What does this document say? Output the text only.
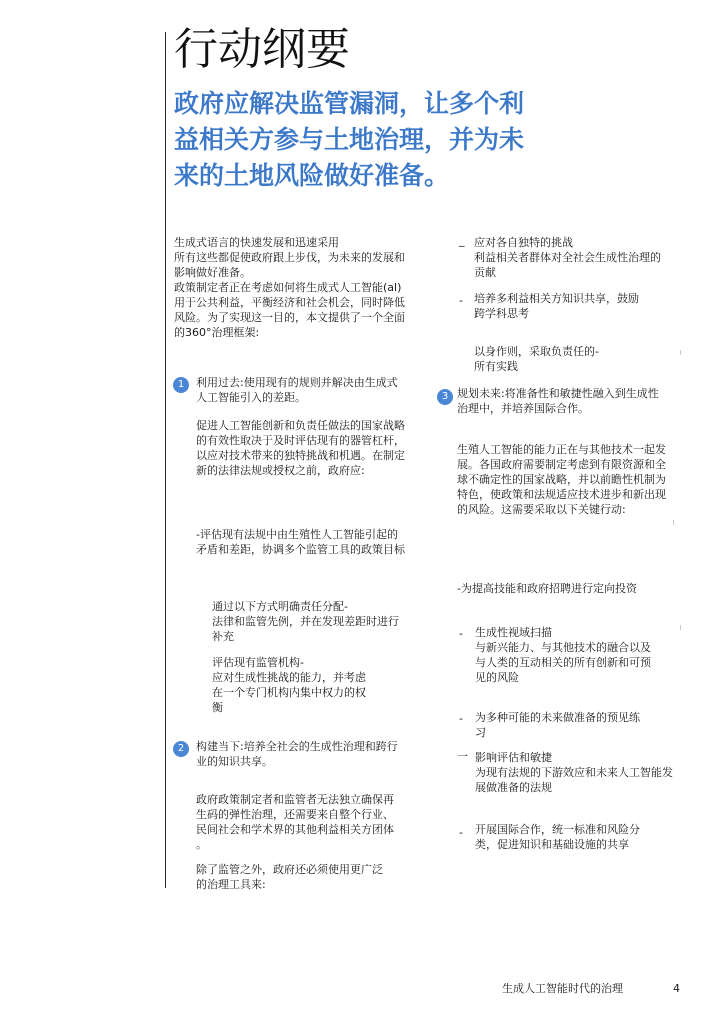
行动纲要
政府应解决监管漏洞，让多个利
益相关方参与土地治理，并为未
来的土地风险做好准备。
生成式语言的快速发展和迅速采用
所有这些都促使政府跟上步伐，为未来的发展和
影响做好准备。
政策制定者正在考虑如何将生成式人工智能(al)
用于公共利益，平衡经济和社会机会，同时降低
风险。为了实现这一目的，本文提供了一个全面
的360°治理框架:
1	利用过去:使用现有的规则并解决由生成式
人工智能引入的差距。
促进人工智能创新和负责任做法的国家战略
的有效性取决于及时评估现有的器管杠杆，
以应对技术带来的独特挑战和机遇。在制定
新的法律法规或授权之前，政府应:
-评估现有法规中由生殖性人工智能引起的
矛盾和差距，协调多个监管工具的政策目标
通过以下方式明确责任分配-
法律和监管先例，并在发现差距时进行
补充
评估现有监管机构-
应对生成性挑战的能力，并考虑
在一个专门机构内集中权力的权
衡
2	构建当下:培养全社会的生成性治理和跨行
业的知识共享。
政府政策制定者和监管者无法独立确保再
生码的弹性治理，还需要来自整个行业、
民间社会和学术界的其他利益相关方团体
。
除了监管之外，政府还必须使用更广泛
的治理工具来:
_ 应对各自独特的挑战
利益相关者群体对全社会生成性治理的
贡献
- 培养多利益相关方知识共享，鼓励
跨学科思考
以身作则，采取负责任的-
所有实践
3 规划未来:将准备性和敏捷性融入到生成性
治理中，并培养国际合作。
生殖人工智能的能力正在与其他技术一起发
展。各国政府需要制定考虑到有限资源和全
球不确定性的国家战略，并以前瞻性机制为
特色，使政策和法规适应技术进步和新出现
的风险。这需要采取以下关键行动:
-为提高技能和政府招聘进行定向投资
- 生成性视域扫描
与新兴能力、与其他技术的融合以及
与人类的互动相关的所有创新和可预
见的风险
- 为多种可能的未来做准备的预见练
习
一 影响评估和敏捷
为现有法规的下游效应和未来人工智能发
展做准备的法规
- 开展国际合作，统一标准和风险分
类，促进知识和基础设施的共享
生成人工智能时代的治理	4
